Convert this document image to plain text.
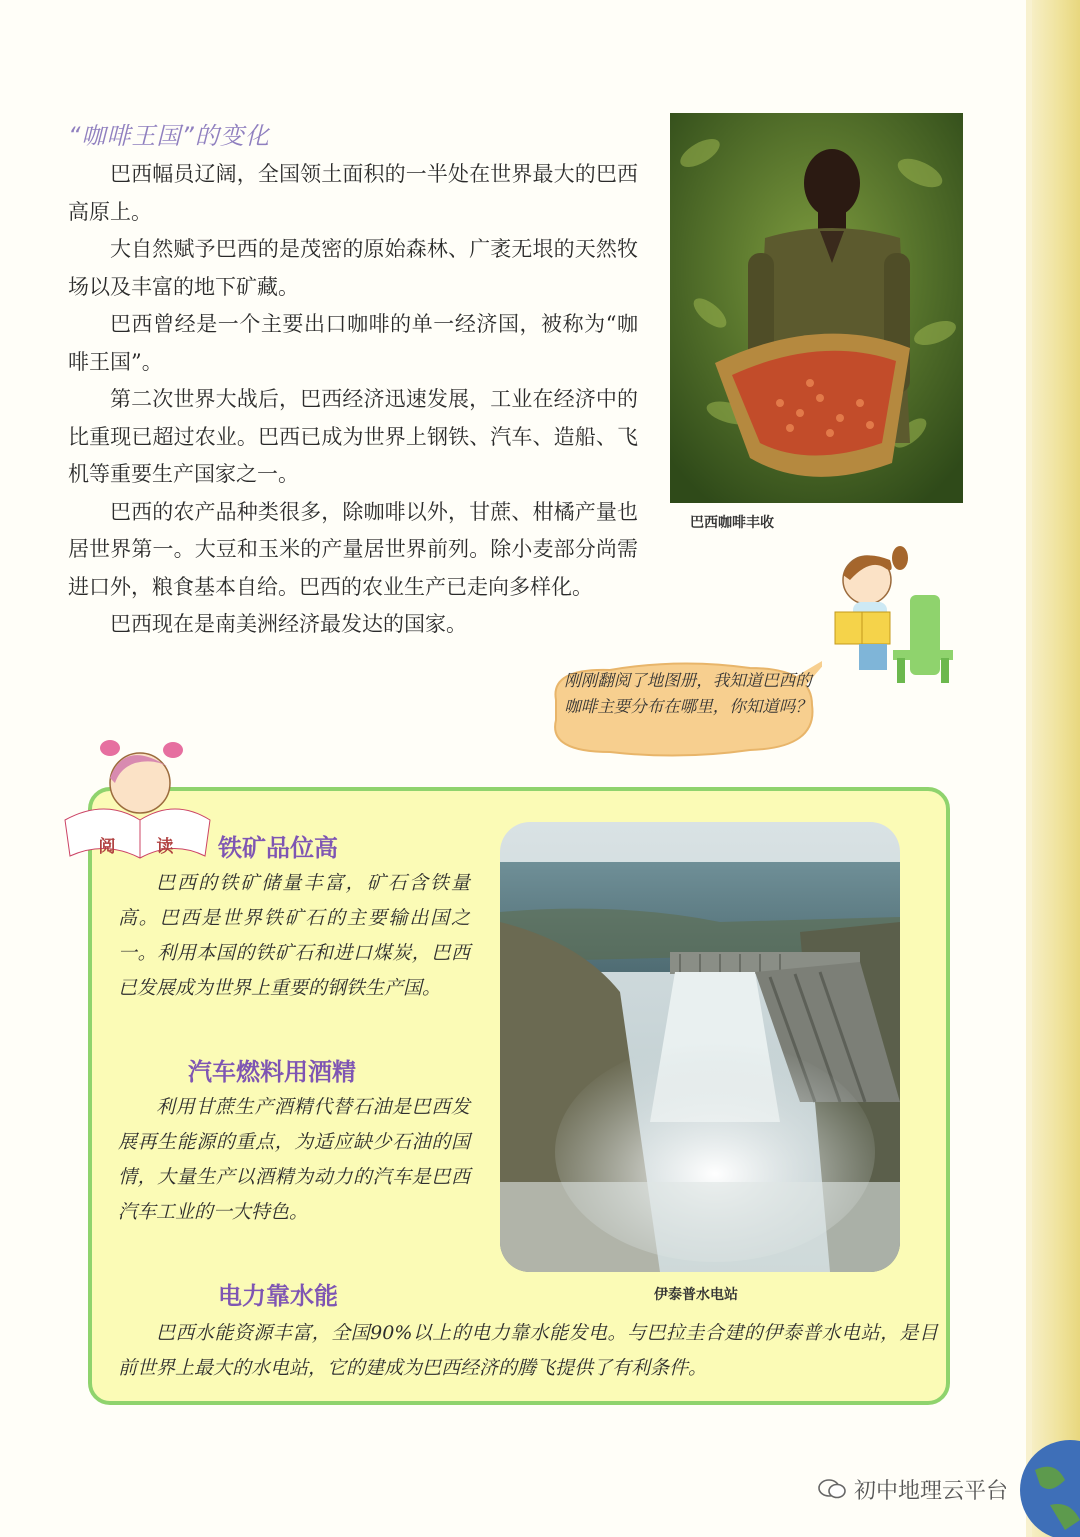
“咖啡王国”的变化

巴西幅员辽阔，全国领土面积的一半处在世界最大的巴西高原上。

大自然赋予巴西的是茂密的原始森林、广袤无垠的天然牧场以及丰富的地下矿藏。

巴西曾经是一个主要出口咖啡的单一经济国，被称为“咖啡王国”。

第二次世界大战后，巴西经济迅速发展，工业在经济中的比重现已超过农业。巴西已成为世界上钢铁、汽车、造船、飞机等重要生产国家之一。

巴西的农产品种类很多，除咖啡以外，甘蔗、柑橘产量也居世界第一。大豆和玉米的产量居世界前列。除小麦部分尚需进口外，粮食基本自给。巴西的农业生产已走向多样化。

巴西现在是南美洲经济最发达的国家。

巴西咖啡丰收
刚刚翻阅了地图册，我知道巴西的咖啡主要分布在哪里，你知道吗？
阅	读 铁矿品位高

巴西的铁矿储量丰富，矿石含铁量高。巴西是世界铁矿石的主要输出国之一。利用本国的铁矿石和进口煤炭，巴西已发展成为世界上重要的钢铁生产国。

汽车燃料用酒精

利用甘蔗生产酒精代替石油是巴西发展再生能源的重点，为适应缺少石油的国情，大量生产以酒精为动力的汽车是巴西汽车工业的一大特色。

伊泰普水电站
电力靠水能

巴西水能资源丰富，全国90%以上的电力靠水能发电。与巴拉圭合建的伊泰普水电站，是目前世界上最大的水电站，它的建成为巴西经济的腾飞提供了有利条件。

初中地理云平台
